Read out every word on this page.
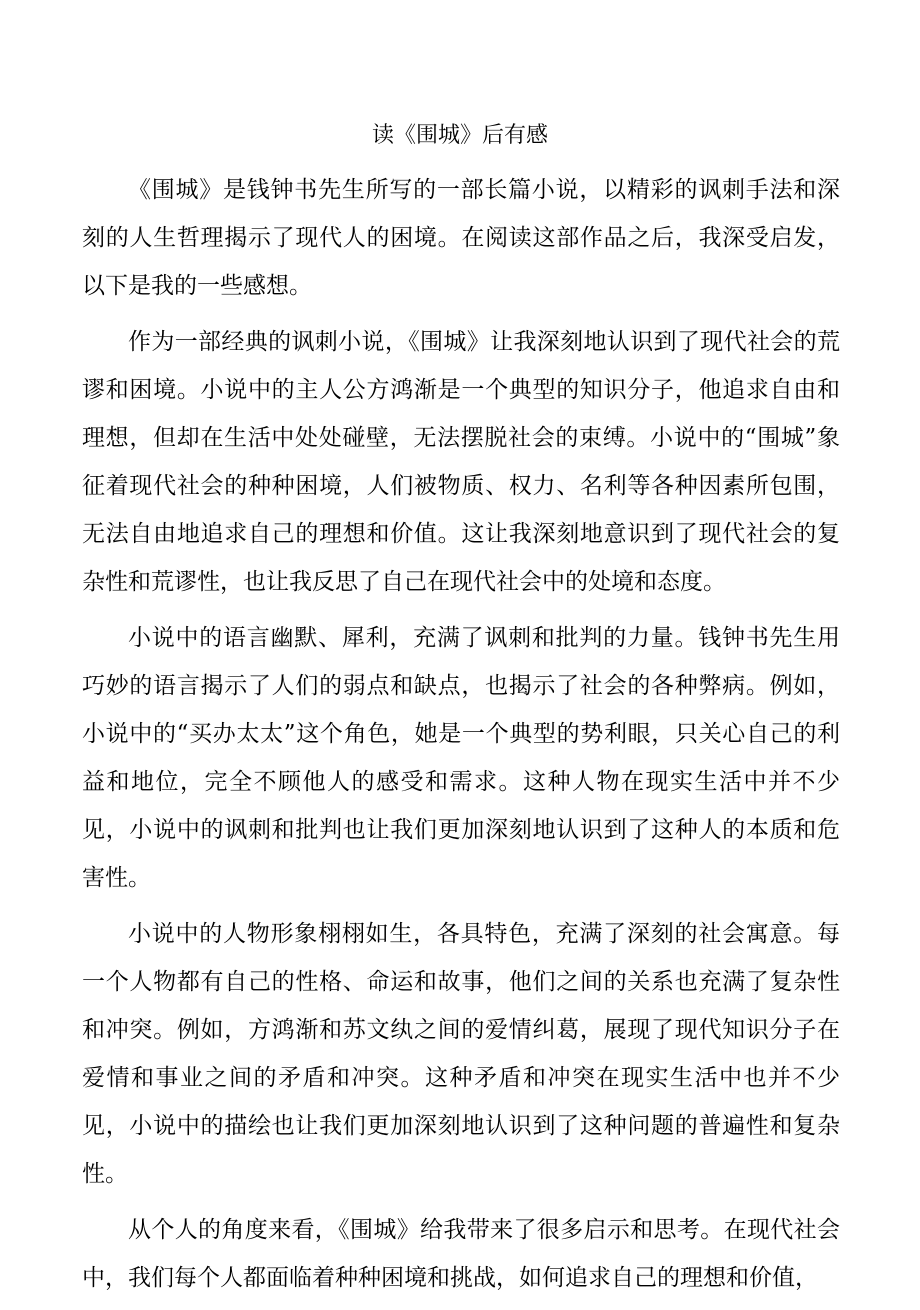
读《围城》后有感

《围城》是钱钟书先生所写的一部长篇小说，以精彩的讽刺手法和深刻的人生哲理揭示了现代人的困境。在阅读这部作品之后，我深受启发，以下是我的一些感想。

作为一部经典的讽刺小说，《围城》让我深刻地认识到了现代社会的荒谬和困境。小说中的主人公方鸿渐是一个典型的知识分子，他追求自由和理想，但却在生活中处处碰壁，无法摆脱社会的束缚。小说中的“围城”象征着现代社会的种种困境，人们被物质、权力、名利等各种因素所包围，无法自由地追求自己的理想和价值。这让我深刻地意识到了现代社会的复杂性和荒谬性，也让我反思了自己在现代社会中的处境和态度。

小说中的语言幽默、犀利，充满了讽刺和批判的力量。钱钟书先生用巧妙的语言揭示了人们的弱点和缺点，也揭示了社会的各种弊病。例如，小说中的“买办太太”这个角色，她是一个典型的势利眼，只关心自己的利益和地位，完全不顾他人的感受和需求。这种人物在现实生活中并不少见，小说中的讽刺和批判也让我们更加深刻地认识到了这种人的本质和危害性。

小说中的人物形象栩栩如生，各具特色，充满了深刻的社会寓意。每一个人物都有自己的性格、命运和故事，他们之间的关系也充满了复杂性和冲突。例如，方鸿渐和苏文纨之间的爱情纠葛，展现了现代知识分子在爱情和事业之间的矛盾和冲突。这种矛盾和冲突在现实生活中也并不少见，小说中的描绘也让我们更加深刻地认识到了这种问题的普遍性和复杂性。

从个人的角度来看，《围城》给我带来了很多启示和思考。在现代社会中，我们每个人都面临着种种困境和挑战，如何追求自己的理想和价值，
